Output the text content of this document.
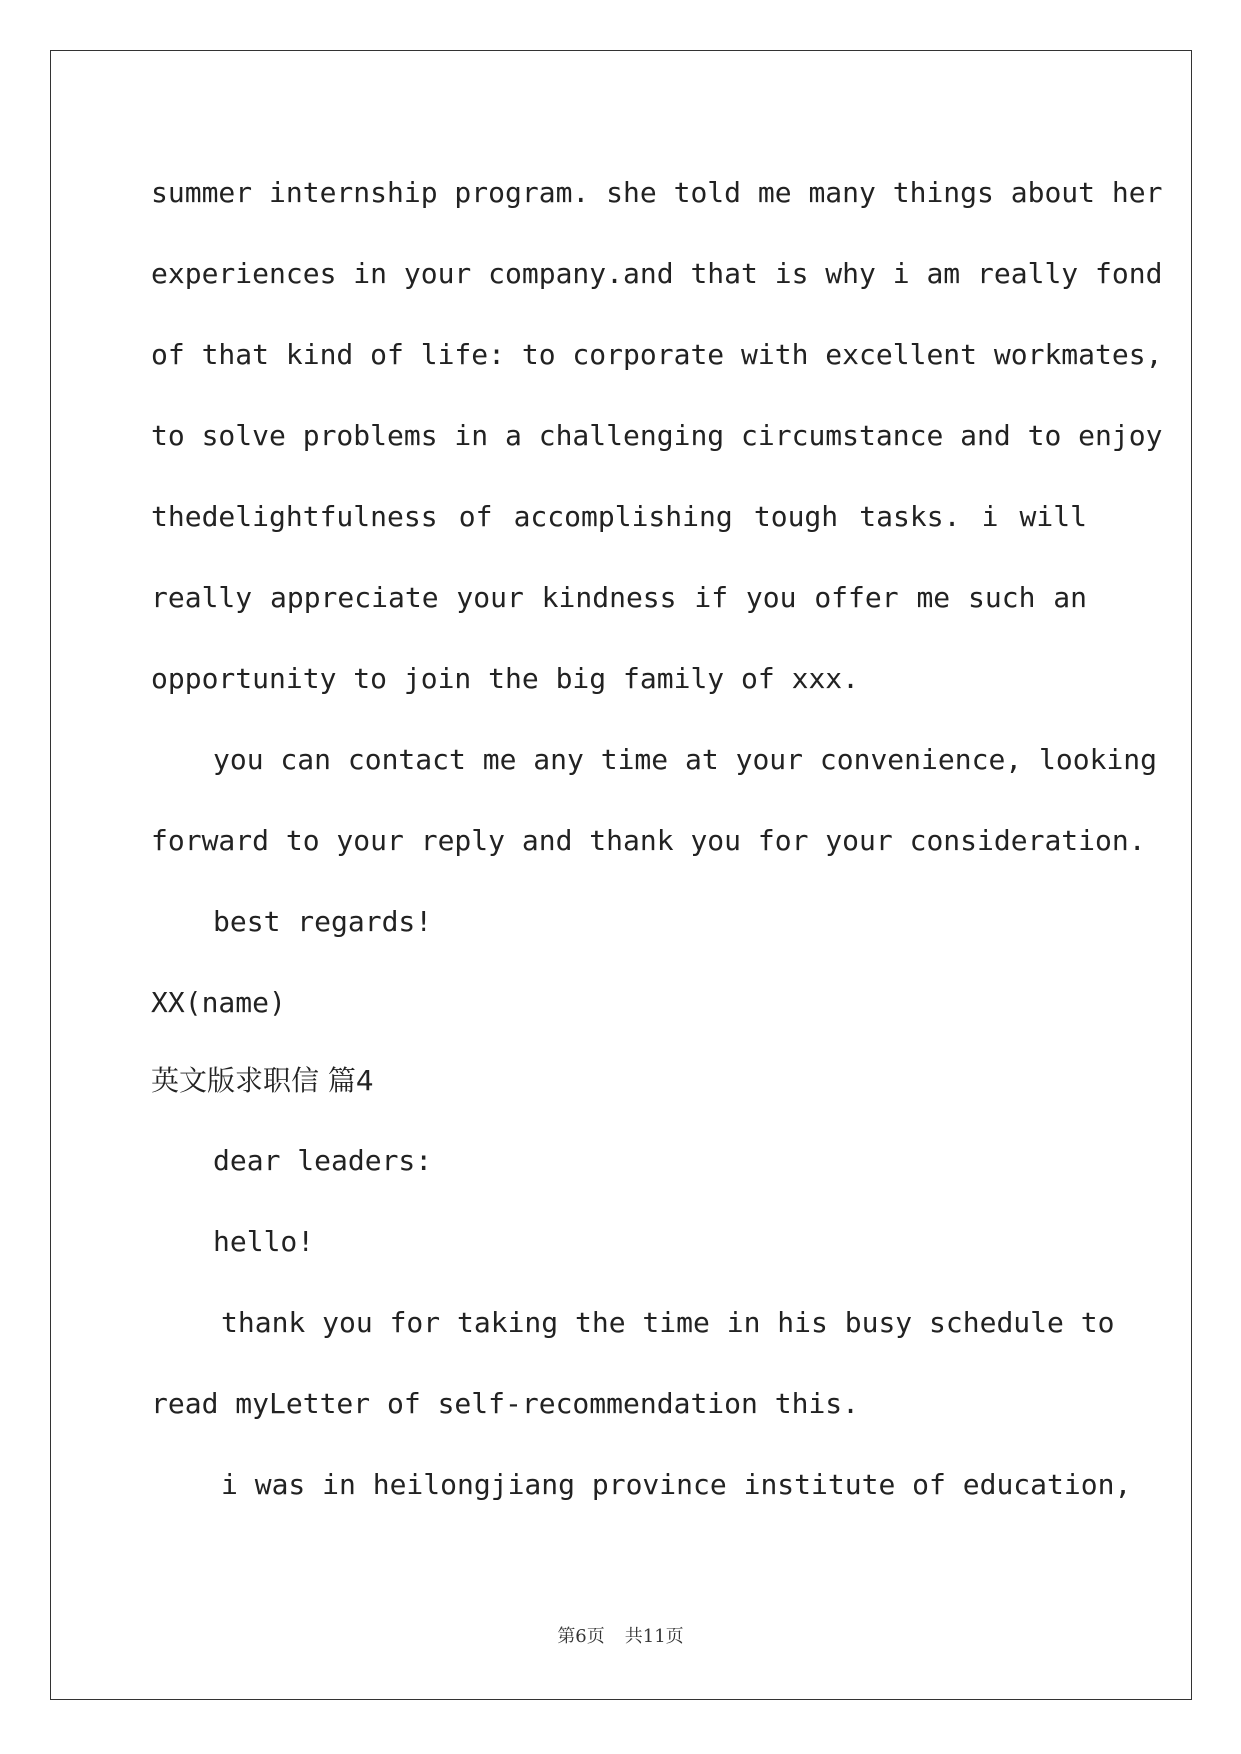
summer internship program. she told me many things about her
experiences in your company.and that is why i am really fond
of that kind of life: to corporate with excellent workmates,
to solve problems in a challenging circumstance and to enjoy
thedelightfulness of accomplishing tough tasks. i will
really appreciate your kindness if you offer me such an
opportunity to join the big family of xxx.
you can contact me any time at your convenience, looking
forward to your reply and thank you for your consideration.
best regards!
XX(name)
英文版求职信 篇4
dear leaders:
hello!
thank you for taking the time in his busy schedule to
read myLetter of self-recommendation this.
i was in heilongjiang province institute of education,
第6页 共11页
